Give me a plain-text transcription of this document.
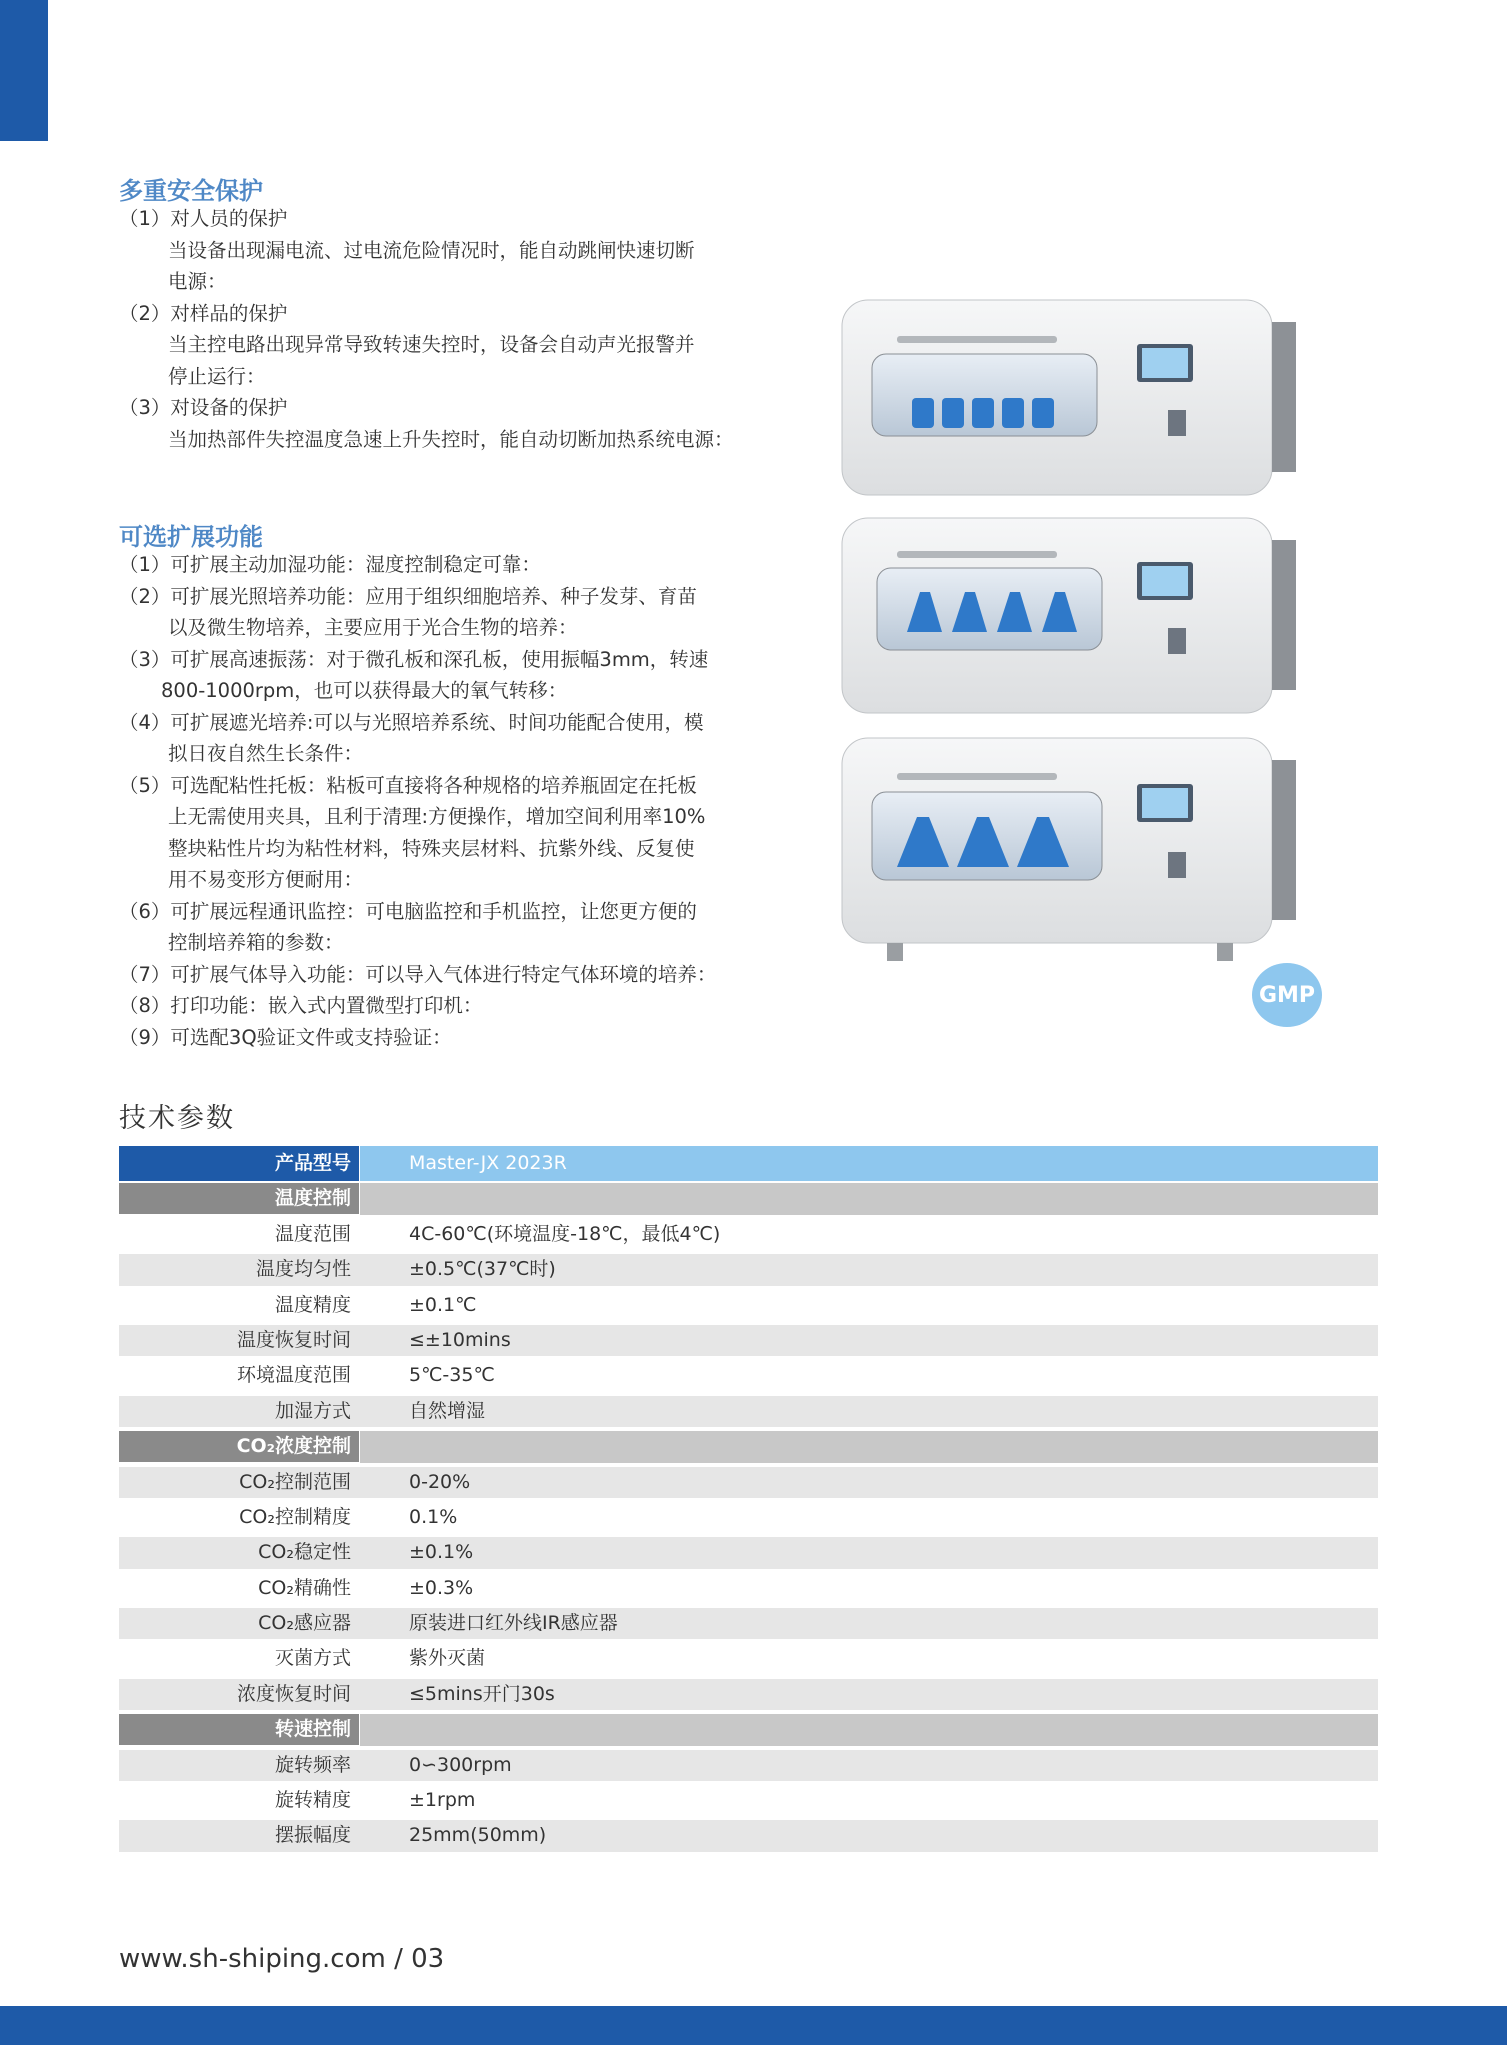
多重安全保护
（1）对人员的保护
当设备出现漏电流、过电流危险情况时，能自动跳闸快速切断
电源：
（2）对样品的保护
当主控电路出现异常导致转速失控时，设备会自动声光报警并
停止运行：
（3）对设备的保护
当加热部件失控温度急速上升失控时，能自动切断加热系统电源：
可选扩展功能
（1）可扩展主动加湿功能：湿度控制稳定可靠：
（2）可扩展光照培养功能：应用于组织细胞培养、种子发芽、育苗
以及微生物培养，主要应用于光合生物的培养：
（3）可扩展高速振荡：对于微孔板和深孔板，使用振幅3mm，转速
800-1000rpm，也可以获得最大的氧气转移：
（4）可扩展遮光培养:可以与光照培养系统、时间功能配合使用，模
拟日夜自然生长条件：
（5）可选配粘性托板：粘板可直接将各种规格的培养瓶固定在托板
上无需使用夹具，且利于清理:方便操作，增加空间利用率10%
整块粘性片均为粘性材料，特殊夹层材料、抗紫外线、反复使
用不易变形方便耐用：
（6）可扩展远程通讯监控：可电脑监控和手机监控，让您更方便的
控制培养箱的参数：
（7）可扩展气体导入功能：可以导入气体进行特定气体环境的培养：
（8）打印功能：嵌入式内置微型打印机：
（9）可选配3Q验证文件或支持验证：
GMP
技术参数
产品型号	Master-JX 2023R
温度控制
温度范围	4C-60℃(环境温度-18℃，最低4℃)
温度均匀性	±0.5℃(37℃时)
温度精度	±0.1℃
温度恢复时间	≤±10mins
环境温度范围	5℃-35℃
加湿方式	自然增湿
CO₂浓度控制
CO₂控制范围	0-20%
CO₂控制精度	0.1%
CO₂稳定性	±0.1%
CO₂精确性	±0.3%
CO₂感应器	原装进口红外线IR感应器
灭菌方式	紫外灭菌
浓度恢复时间	≤5mins开门30s
转速控制
旋转频率	0∽300rpm
旋转精度	±1rpm
摆振幅度	25mm(50mm)
www.sh-shiping.com / 03
